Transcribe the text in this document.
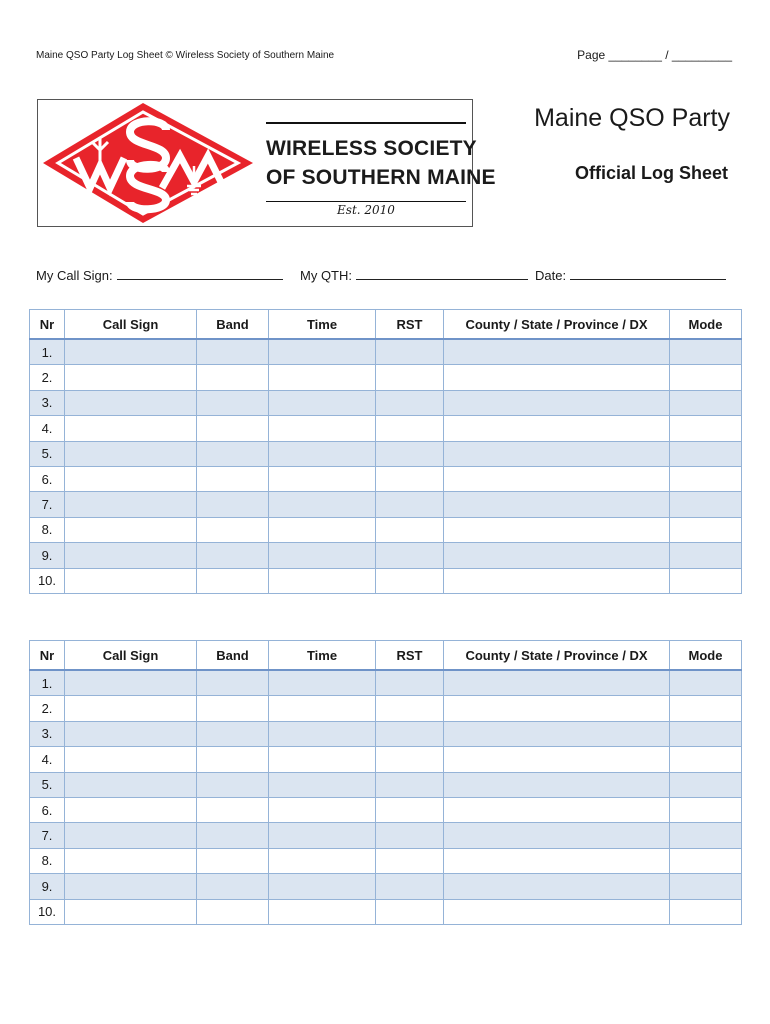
Maine QSO Party Log Sheet © Wireless Society of Southern Maine	Page ________ / _________
WIRELESS SOCIETY
OF SOUTHERN MAINE
Est. 2010
Maine QSO Party
Official Log Sheet
My Call Sign:	My QTH:	Date:
Nr	Call Sign	Band	Time	RST	County / State / Province / DX	Mode
1.						
2.						
3.						
4.						
5.						
6.						
7.						
8.						
9.						
10.						
Nr	Call Sign	Band	Time	RST	County / State / Province / DX	Mode
1.						
2.						
3.						
4.						
5.						
6.						
7.						
8.						
9.						
10.						
